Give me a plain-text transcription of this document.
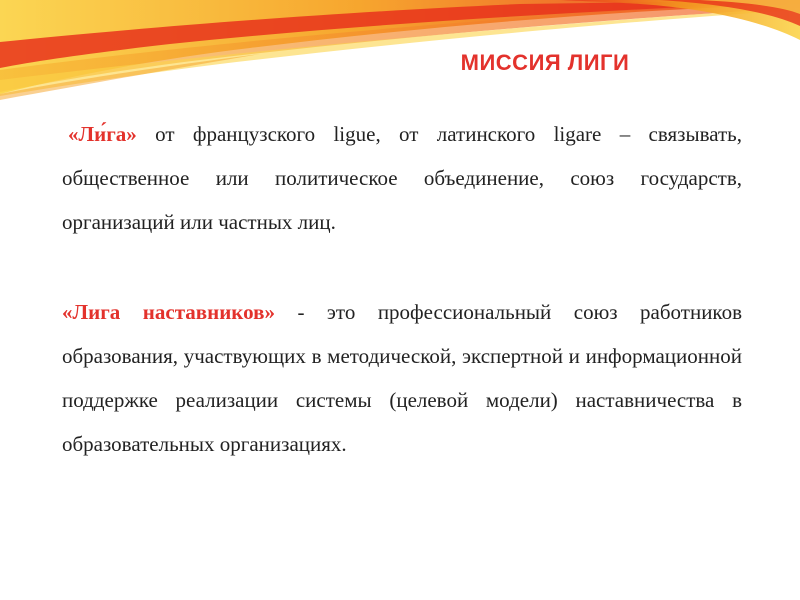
МИССИЯ ЛИГИ

«Ли́га» от французского ligue, от латинского ligare – связывать, общественное или политическое объединение, союз государств, организаций или частных лиц.

«Лига наставников» - это профессиональный союз работников образования, участвующих в методической, экспертной и информационной поддержке реализации системы (целевой модели) наставничества в образовательных организациях.
